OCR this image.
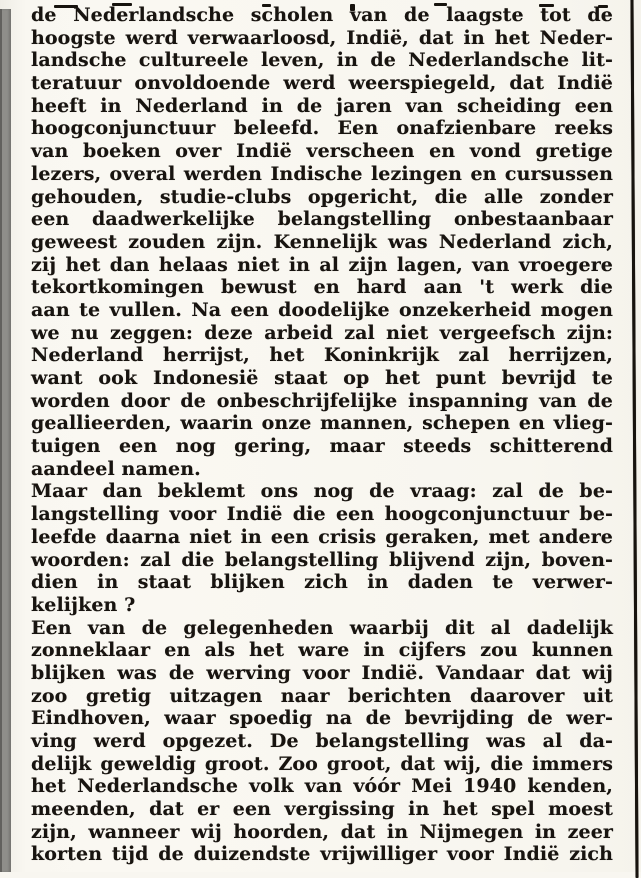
de Nederlandsche scholen van de laagste tot de
hoogste werd verwaarloosd, Indië, dat in het Neder-
landsche cultureele leven, in de Nederlandsche lit-
teratuur onvoldoende werd weerspiegeld, dat Indië
heeft in Nederland in de jaren van scheiding een
hoogconjunctuur beleefd. Een onafzienbare reeks
van boeken over Indië verscheen en vond gretige
lezers, overal werden Indische lezingen en cursussen
gehouden, studie-clubs opgericht, die alle zonder
een daadwerkelijke belangstelling onbestaanbaar
geweest zouden zijn. Kennelijk was Nederland zich,
zij het dan helaas niet in al zijn lagen, van vroegere
tekortkomingen bewust en hard aan 't werk die
aan te vullen. Na een doodelijke onzekerheid mogen
we nu zeggen: deze arbeid zal niet vergeefsch zijn:
Nederland herrijst, het Koninkrijk zal herrijzen,
want ook Indonesië staat op het punt bevrijd te
worden door de onbeschrijfelijke inspanning van de
geallieerden, waarin onze mannen, schepen en vlieg-
tuigen een nog gering, maar steeds schitterend
aandeel namen.
Maar dan beklemt ons nog de vraag: zal de be-
langstelling voor Indië die een hoogconjunctuur be-
leefde daarna niet in een crisis geraken, met andere
woorden: zal die belangstelling blijvend zijn, boven-
dien in staat blijken zich in daden te verwer-
kelijken ?
Een van de gelegenheden waarbij dit al dadelijk
zonneklaar en als het ware in cijfers zou kunnen
blijken was de werving voor Indië. Vandaar dat wij
zoo gretig uitzagen naar berichten daarover uit
Eindhoven, waar spoedig na de bevrijding de wer-
ving werd opgezet. De belangstelling was al da-
delijk geweldig groot. Zoo groot, dat wij, die immers
het Nederlandsche volk van vóór Mei 1940 kenden,
meenden, dat er een vergissing in het spel moest
zijn, wanneer wij hoorden, dat in Nijmegen in zeer
korten tijd de duizendste vrijwilliger voor Indië zich
